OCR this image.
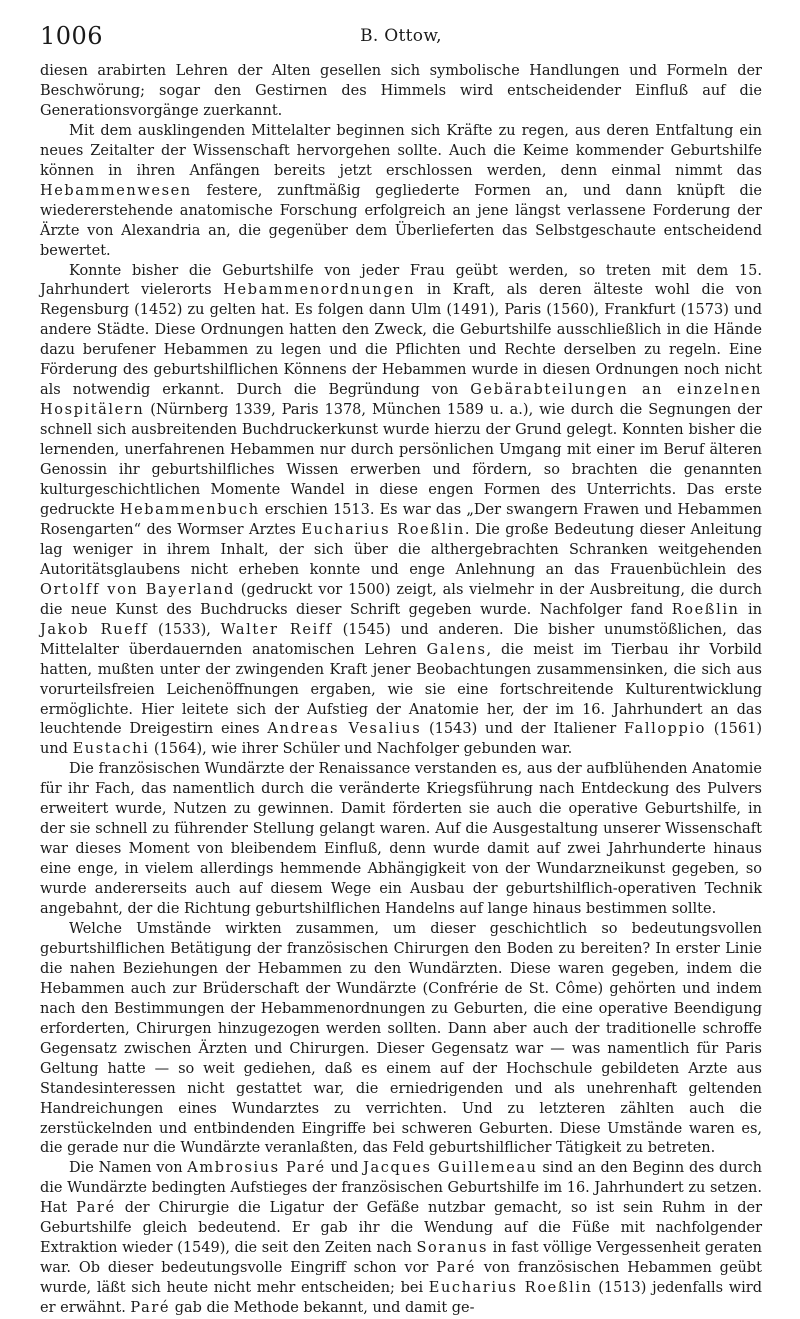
1006	B. Ottow,

diesen arabirten Lehren der Alten gesellen sich symbolische Handlungen und Formeln der Beschwörung; sogar den Gestirnen des Himmels wird entscheidender Einfluß auf die Generationsvorgänge zuerkannt.

Mit dem ausklingenden Mittelalter beginnen sich Kräfte zu regen, aus deren Entfaltung ein neues Zeitalter der Wissenschaft hervorgehen sollte. Auch die Keime kommender Geburtshilfe können in ihren Anfängen bereits jetzt erschlossen werden, denn einmal nimmt das Hebammenwesen festere, zunftmäßig gegliederte Formen an, und dann knüpft die wiedererstehende anatomische Forschung erfolgreich an jene längst verlassene Forderung der Ärzte von Alexandria an, die gegenüber dem Überlieferten das Selbstgeschaute entscheidend bewertet.

Konnte bisher die Geburtshilfe von jeder Frau geübt werden, so treten mit dem 15. Jahrhundert vielerorts Hebammenordnungen in Kraft, als deren älteste wohl die von Regensburg (1452) zu gelten hat. Es folgen dann Ulm (1491), Paris (1560), Frankfurt (1573) und andere Städte. Diese Ordnungen hatten den Zweck, die Geburtshilfe ausschließlich in die Hände dazu berufener Hebammen zu legen und die Pflichten und Rechte derselben zu regeln. Eine Förderung des geburtshilflichen Könnens der Hebammen wurde in diesen Ordnungen noch nicht als notwendig erkannt. Durch die Begründung von Gebärabteilungen an einzelnen Hospitälern (Nürnberg 1339, Paris 1378, München 1589 u. a.), wie durch die Segnungen der schnell sich ausbreitenden Buchdruckerkunst wurde hierzu der Grund gelegt. Konnten bisher die lernenden, unerfahrenen Hebammen nur durch persönlichen Umgang mit einer im Beruf älteren Genossin ihr geburtshilfliches Wissen erwerben und fördern, so brachten die genannten kulturgeschichtlichen Momente Wandel in diese engen Formen des Unterrichts. Das erste gedruckte Hebammenbuch erschien 1513. Es war das „Der swangern Frawen und Hebammen Rosengarten“ des Wormser Arztes Eucharius Roeßlin. Die große Bedeutung dieser Anleitung lag weniger in ihrem Inhalt, der sich über die althergebrachten Schranken weitgehenden Autoritätsglaubens nicht erheben konnte und enge Anlehnung an das Frauenbüchlein des Ortolff von Bayerland (gedruckt vor 1500) zeigt, als vielmehr in der Ausbreitung, die durch die neue Kunst des Buchdrucks dieser Schrift gegeben wurde. Nachfolger fand Roeßlin in Jakob Rueff (1533), Walter Reiff (1545) und anderen. Die bisher unumstößlichen, das Mittelalter überdauernden anatomischen Lehren Galens, die meist im Tierbau ihr Vorbild hatten, mußten unter der zwingenden Kraft jener Beobachtungen zusammensinken, die sich aus vorurteilsfreien Leichenöffnungen ergaben, wie sie eine fortschreitende Kulturentwicklung ermöglichte. Hier leitete sich der Aufstieg der Anatomie her, der im 16. Jahrhundert an das leuchtende Dreigestirn eines Andreas Vesalius (1543) und der Italiener Falloppio (1561) und Eustachi (1564), wie ihrer Schüler und Nachfolger gebunden war.

Die französischen Wundärzte der Renaissance verstanden es, aus der aufblühenden Anatomie für ihr Fach, das namentlich durch die veränderte Kriegsführung nach Entdeckung des Pulvers erweitert wurde, Nutzen zu gewinnen. Damit förderten sie auch die operative Geburtshilfe, in der sie schnell zu führender Stellung gelangt waren. Auf die Ausgestaltung unserer Wissenschaft war dieses Moment von bleibendem Einfluß, denn wurde damit auf zwei Jahrhunderte hinaus eine enge, in vielem allerdings hemmende Abhängigkeit von der Wundarzneikunst gegeben, so wurde andererseits auch auf diesem Wege ein Ausbau der geburtshilflich-operativen Technik angebahnt, der die Richtung geburtshilflichen Handelns auf lange hinaus bestimmen sollte.

Welche Umstände wirkten zusammen, um dieser geschichtlich so bedeutungsvollen geburtshilflichen Betätigung der französischen Chirurgen den Boden zu bereiten? In erster Linie die nahen Beziehungen der Hebammen zu den Wundärzten. Diese waren gegeben, indem die Hebammen auch zur Brüderschaft der Wundärzte (Confrérie de St. Côme) gehörten und indem nach den Bestimmungen der Hebammenordnungen zu Geburten, die eine operative Beendigung erforderten, Chirurgen hinzugezogen werden sollten. Dann aber auch der traditionelle schroffe Gegensatz zwischen Ärzten und Chirurgen. Dieser Gegensatz war — was namentlich für Paris Geltung hatte — so weit gediehen, daß es einem auf der Hochschule gebildeten Arzte aus Standesinteressen nicht gestattet war, die erniedrigenden und als unehrenhaft geltenden Handreichungen eines Wundarztes zu verrichten. Und zu letzteren zählten auch die zerstückelnden und entbindenden Eingriffe bei schweren Geburten. Diese Umstände waren es, die gerade nur die Wundärzte veranlaßten, das Feld geburtshilflicher Tätigkeit zu betreten.

Die Namen von Ambrosius Paré und Jacques Guillemeau sind an den Beginn des durch die Wundärzte bedingten Aufstieges der französischen Geburtshilfe im 16. Jahrhundert zu setzen. Hat Paré der Chirurgie die Ligatur der Gefäße nutzbar gemacht, so ist sein Ruhm in der Geburtshilfe gleich bedeutend. Er gab ihr die Wendung auf die Füße mit nachfolgender Extraktion wieder (1549), die seit den Zeiten nach Soranus in fast völlige Vergessenheit geraten war. Ob dieser bedeutungsvolle Eingriff schon vor Paré von französischen Hebammen geübt wurde, läßt sich heute nicht mehr entscheiden; bei Eucharius Roeßlin (1513) jedenfalls wird er erwähnt. Paré gab die Methode bekannt, und damit ge-
